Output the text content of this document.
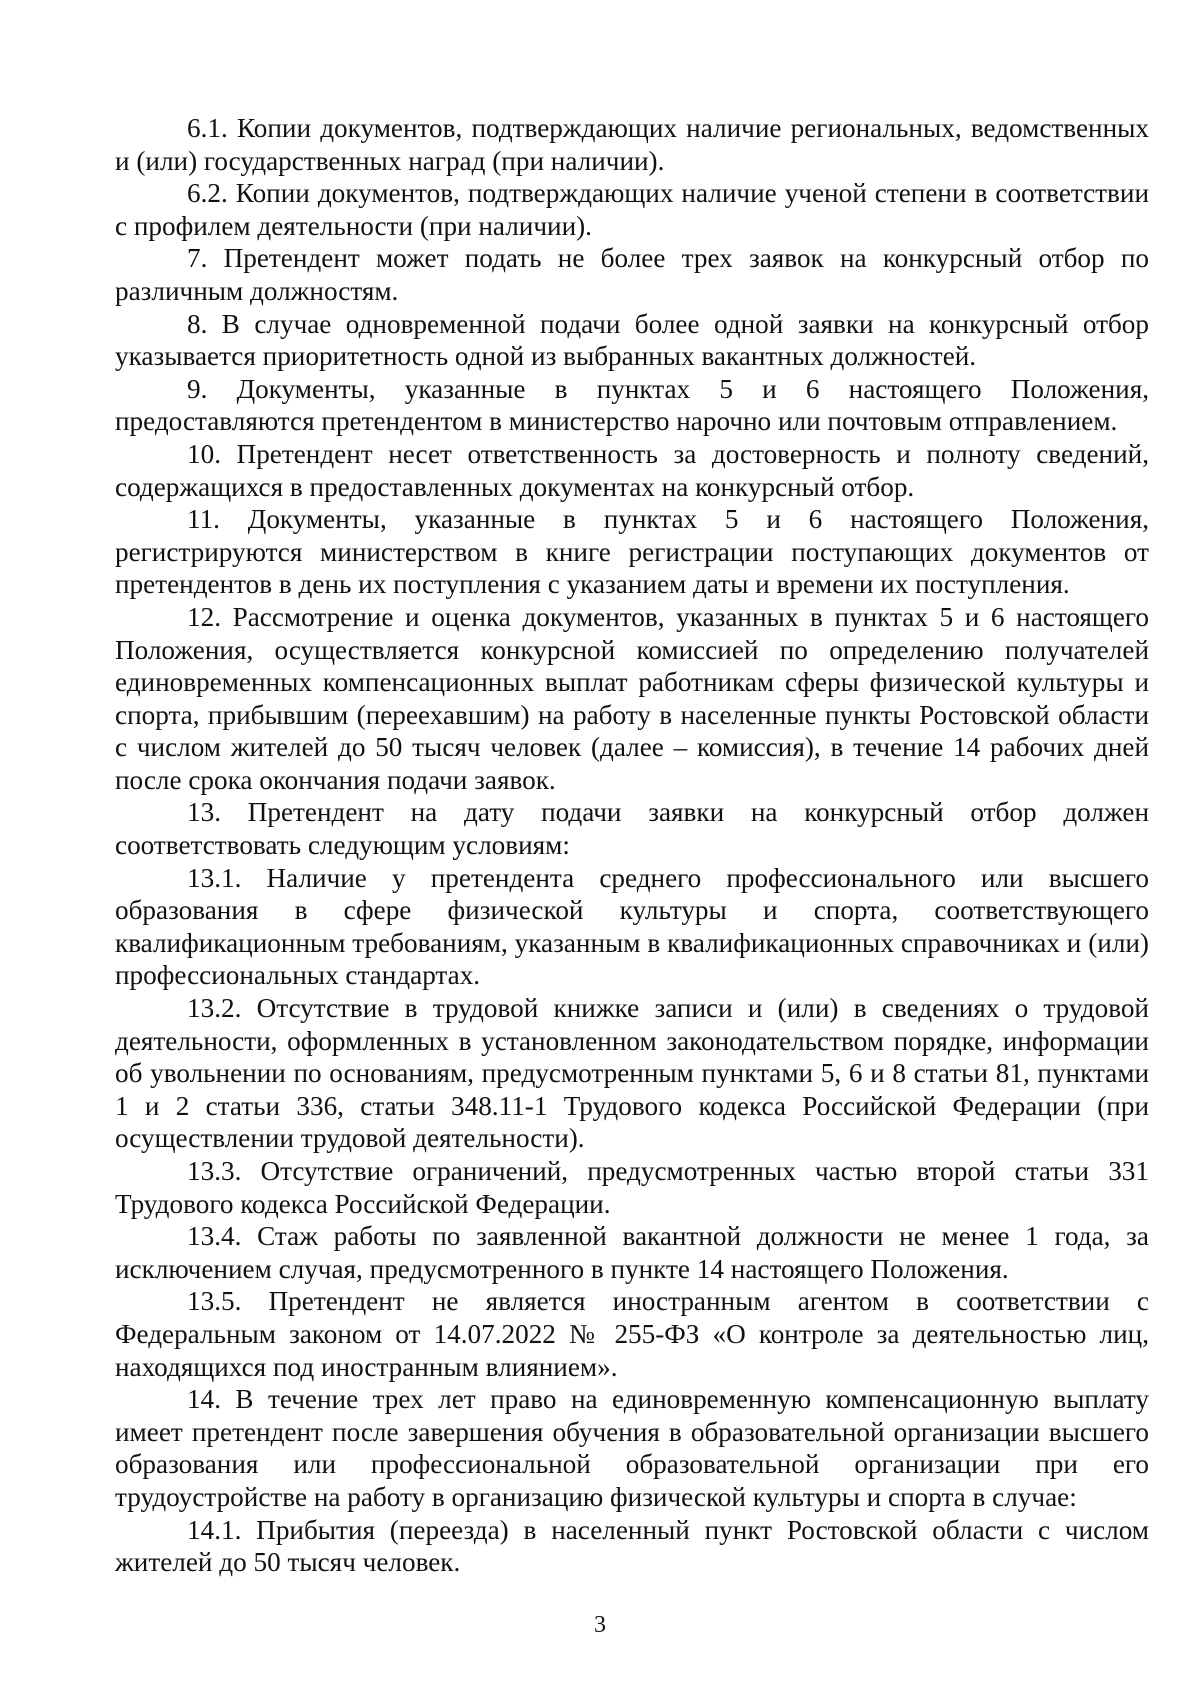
6.1. Копии документов, подтверждающих наличие региональных, ведомственных и (или) государственных наград (при наличии).

6.2. Копии документов, подтверждающих наличие ученой степени в соответствии с профилем деятельности (при наличии).

7. Претендент может подать не более трех заявок на конкурсный отбор по различным должностям.

8. В случае одновременной подачи более одной заявки на конкурсный отбор указывается приоритетность одной из выбранных вакантных должностей.

9. Документы, указанные в пунктах 5 и 6 настоящего Положения, предоставляются претендентом в министерство нарочно или почтовым отправлением.

10. Претендент несет ответственность за достоверность и полноту сведений, содержащихся в предоставленных документах на конкурсный отбор.

11. Документы, указанные в пунктах 5 и 6 настоящего Положения, регистрируются министерством в книге регистрации поступающих документов от претендентов в день их поступления с указанием даты и времени их поступления.

12. Рассмотрение и оценка документов, указанных в пунктах 5 и 6 настоящего Положения, осуществляется конкурсной комиссией по определению получателей единовременных компенсационных выплат работникам сферы физической культуры и спорта, прибывшим (переехавшим) на работу в населенные пункты Ростовской области с числом жителей до 50 тысяч человек (далее – комиссия), в течение 14 рабочих дней после срока окончания подачи заявок.

13. Претендент на дату подачи заявки на конкурсный отбор должен соответствовать следующим условиям:

13.1. Наличие у претендента среднего профессионального или высшего образования в сфере физической культуры и спорта, соответствующего квалификационным требованиям, указанным в квалификационных справочниках и (или) профессиональных стандартах.

13.2. Отсутствие в трудовой книжке записи и (или) в сведениях о трудовой деятельности, оформленных в установленном законодательством порядке, информации об увольнении по основаниям, предусмотренным пунктами 5, 6 и 8 статьи 81, пунктами 1 и 2 статьи 336, статьи 348.11-1 Трудового кодекса Российской Федерации (при осуществлении трудовой деятельности).

13.3. Отсутствие ограничений, предусмотренных частью второй статьи 331 Трудового кодекса Российской Федерации.

13.4. Стаж работы по заявленной вакантной должности не менее 1 года, за исключением случая, предусмотренного в пункте 14 настоящего Положения.

13.5. Претендент не является иностранным агентом в соответствии с Федеральным законом от 14.07.2022 № 255-ФЗ «О контроле за деятельностью лиц, находящихся под иностранным влиянием».

14. В течение трех лет право на единовременную компенсационную выплату имеет претендент после завершения обучения в образовательной организации высшего образования или профессиональной образовательной организации при его трудоустройстве на работу в организацию физической культуры и спорта в случае:

14.1. Прибытия (переезда) в населенный пункт Ростовской области с числом жителей до 50 тысяч человек.

3
